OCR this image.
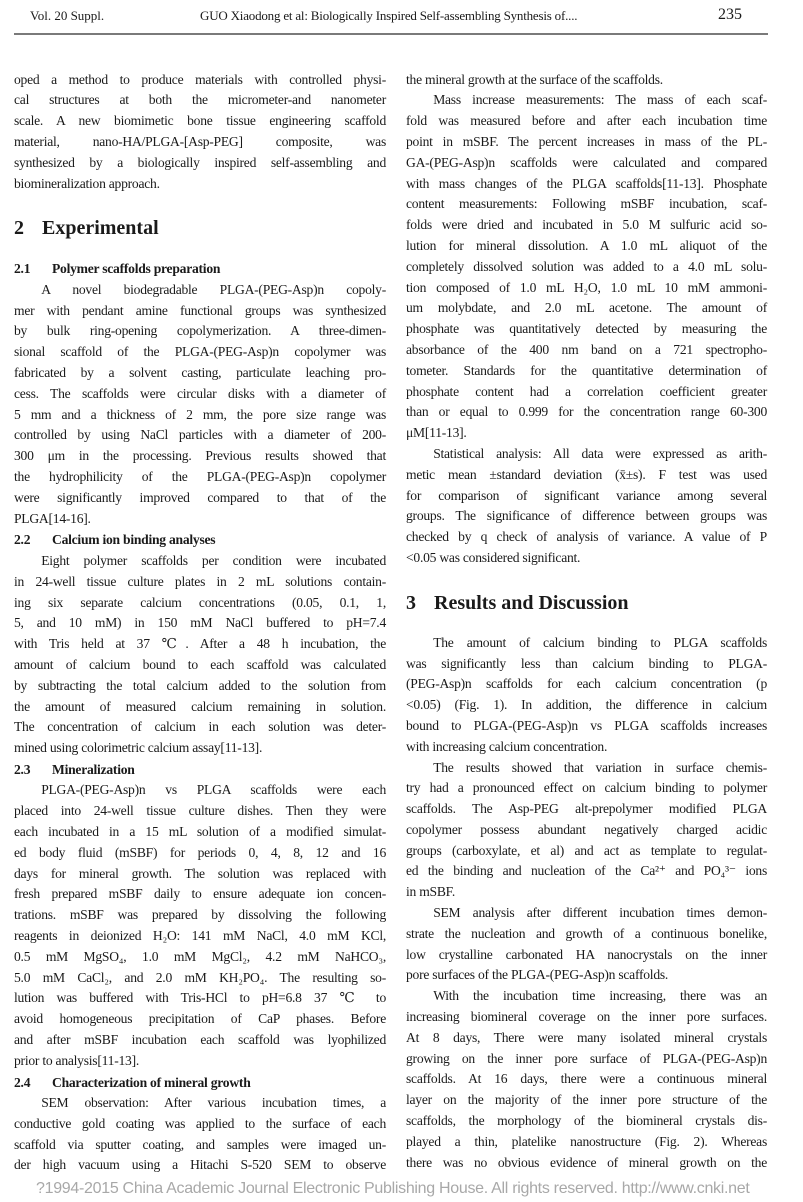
Vol. 20 Suppl.	GUO Xiaodong et al: Biologically Inspired Self-assembling Synthesis of....	235
oped a method to produce materials with controlled physi-
cal structures at both the micrometer-and nanometer
scale. A new biomimetic bone tissue engineering scaffold
material, nano-HA/PLGA-[Asp-PEG] composite, was
synthesized by a biologically inspired self-assembling and
biomineralization approach.
2 Experimental
2.1 Polymer scaffolds preparation
A novel biodegradable PLGA-(PEG-Asp)n copoly-
mer with pendant amine functional groups was synthesized
by bulk ring-opening copolymerization. A three-dimen-
sional scaffold of the PLGA-(PEG-Asp)n copolymer was
fabricated by a solvent casting, particulate leaching pro-
cess. The scaffolds were circular disks with a diameter of
5 mm and a thickness of 2 mm, the pore size range was
controlled by using NaCl particles with a diameter of 200-
300 μm in the processing. Previous results showed that
the hydrophilicity of the PLGA-(PEG-Asp)n copolymer
were significantly improved compared to that of the
PLGA[14-16].
2.2 Calcium ion binding analyses
Eight polymer scaffolds per condition were incubated
in 24-well tissue culture plates in 2 mL solutions contain-
ing six separate calcium concentrations (0.05, 0.1, 1,
5, and 10 mM) in 150 mM NaCl buffered to pH=7.4
with Tris held at 37 ℃. After a 48 h incubation, the
amount of calcium bound to each scaffold was calculated
by subtracting the total calcium added to the solution from
the amount of measured calcium remaining in solution.
The concentration of calcium in each solution was deter-
mined using colorimetric calcium assay[11-13].
2.3 Mineralization
PLGA-(PEG-Asp)n vs PLGA scaffolds were each
placed into 24-well tissue culture dishes. Then they were
each incubated in a 15 mL solution of a modified simulat-
ed body fluid (mSBF) for periods 0, 4, 8, 12 and 16
days for mineral growth. The solution was replaced with
fresh prepared mSBF daily to ensure adequate ion concen-
trations. mSBF was prepared by dissolving the following
reagents in deionized H₂O: 141 mM NaCl, 4.0 mM KCl,
0.5 mM MgSO₄, 1.0 mM MgCl₂, 4.2 mM NaHCO₃,
5.0 mM CaCl₂, and 2.0 mM KH₂PO₄. The resulting so-
lution was buffered with Tris-HCl to pH=6.8 37 ℃ to
avoid homogeneous precipitation of CaP phases. Before
and after mSBF incubation each scaffold was lyophilized
prior to analysis[11-13].
2.4 Characterization of mineral growth
SEM observation: After various incubation times, a
conductive gold coating was applied to the surface of each
scaffold via sputter coating, and samples were imaged un-
der high vacuum using a Hitachi S-520 SEM to observe
the mineral growth at the surface of the scaffolds.
Mass increase measurements: The mass of each scaf-
fold was measured before and after each incubation time
point in mSBF. The percent increases in mass of the PL-
GA-(PEG-Asp)n scaffolds were calculated and compared
with mass changes of the PLGA scaffolds[11-13]. Phosphate
content measurements: Following mSBF incubation, scaf-
folds were dried and incubated in 5.0 M sulfuric acid so-
lution for mineral dissolution. A 1.0 mL aliquot of the
completely dissolved solution was added to a 4.0 mL solu-
tion composed of 1.0 mL H₂O, 1.0 mL 10 mM ammoni-
um molybdate, and 2.0 mL acetone. The amount of
phosphate was quantitatively detected by measuring the
absorbance of the 400 nm band on a 721 spectropho-
tometer. Standards for the quantitative determination of
phosphate content had a correlation coefficient greater
than or equal to 0.999 for the concentration range 60-300
μM[11-13].
Statistical analysis: All data were expressed as arith-
metic mean ±standard deviation (x̄±s). F test was used
for comparison of significant variance among several
groups. The significance of difference between groups was
checked by q check of analysis of variance. A value of P
<0.05 was considered significant.
3 Results and Discussion
The amount of calcium binding to PLGA scaffolds
was significantly less than calcium binding to PLGA-
(PEG-Asp)n scaffolds for each calcium concentration (p
<0.05) (Fig. 1). In addition, the difference in calcium
bound to PLGA-(PEG-Asp)n vs PLGA scaffolds increases
with increasing calcium concentration.
The results showed that variation in surface chemis-
try had a pronounced effect on calcium binding to polymer
scaffolds. The Asp-PEG alt-prepolymer modified PLGA
copolymer possess abundant negatively charged acidic
groups (carboxylate, et al) and act as template to regulat-
ed the binding and nucleation of the Ca²⁺ and PO₄³⁻ ions
in mSBF.
SEM analysis after different incubation times demon-
strate the nucleation and growth of a continuous bonelike,
low crystalline carbonated HA nanocrystals on the inner
pore surfaces of the PLGA-(PEG-Asp)n scaffolds.
With the incubation time increasing, there was an
increasing biomineral coverage on the inner pore surfaces.
At 8 days, There were many isolated mineral crystals
growing on the inner pore surface of PLGA-(PEG-Asp)n
scaffolds. At 16 days, there were a continuous mineral
layer on the majority of the inner pore structure of the
scaffolds, the morphology of the biomineral crystals dis-
played a thin, platelike nanostructure (Fig. 2). Whereas
there was no obvious evidence of mineral growth on the
?1994-2015 China Academic Journal Electronic Publishing House. All rights reserved. http://www.cnki.net
